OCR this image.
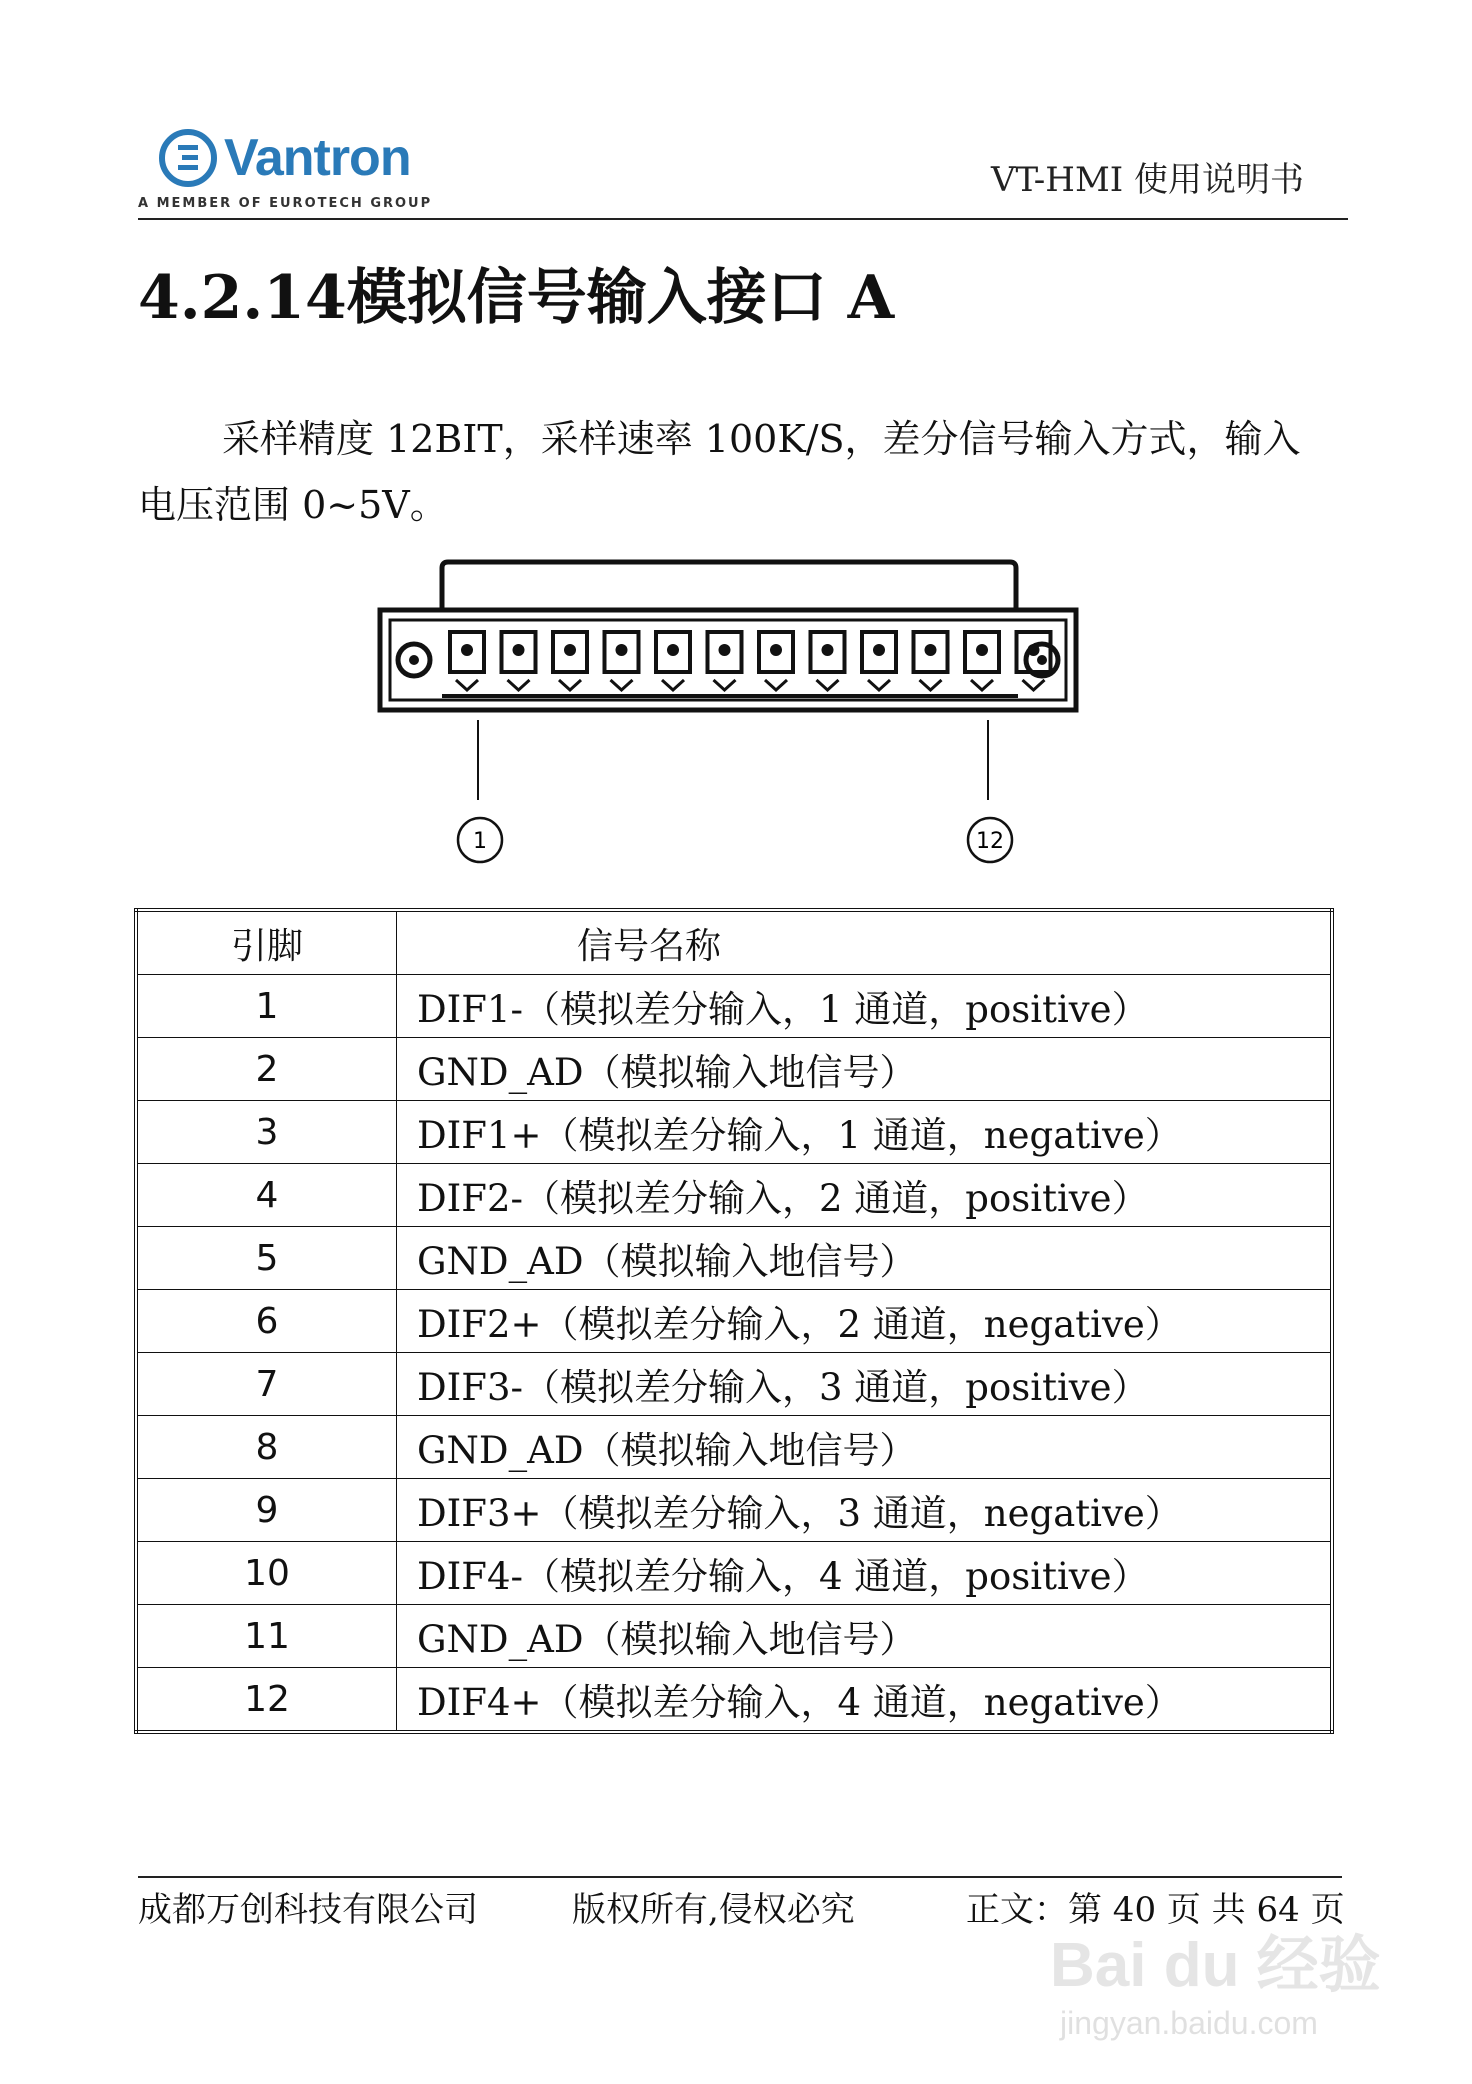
Vantron
A MEMBER OF EUROTECH GROUP
VT-HMI 使用说明书
4.2.14模拟信号输入接口 A

采样精度 12BIT，采样速率 100K/S，差分信号输入方式，输入电压范围 0~5V。

1	12
引脚	信号名称
1	DIF1-（模拟差分输入，1 通道，positive）
2	GND_AD（模拟输入地信号）
3	DIF1+（模拟差分输入，1 通道，negative）
4	DIF2-（模拟差分输入，2 通道，positive）
5	GND_AD（模拟输入地信号）
6	DIF2+（模拟差分输入，2 通道，negative）
7	DIF3-（模拟差分输入，3 通道，positive）
8	GND_AD（模拟输入地信号）
9	DIF3+（模拟差分输入，3 通道，negative）
10	DIF4-（模拟差分输入，4 通道，positive）
11	GND_AD（模拟输入地信号）
12	DIF4+（模拟差分输入，4 通道，negative）
成都万创科技有限公司	版权所有,侵权必究	正文：第 40 页 共 64 页
Bai du 经验
jingyan.baidu.com
